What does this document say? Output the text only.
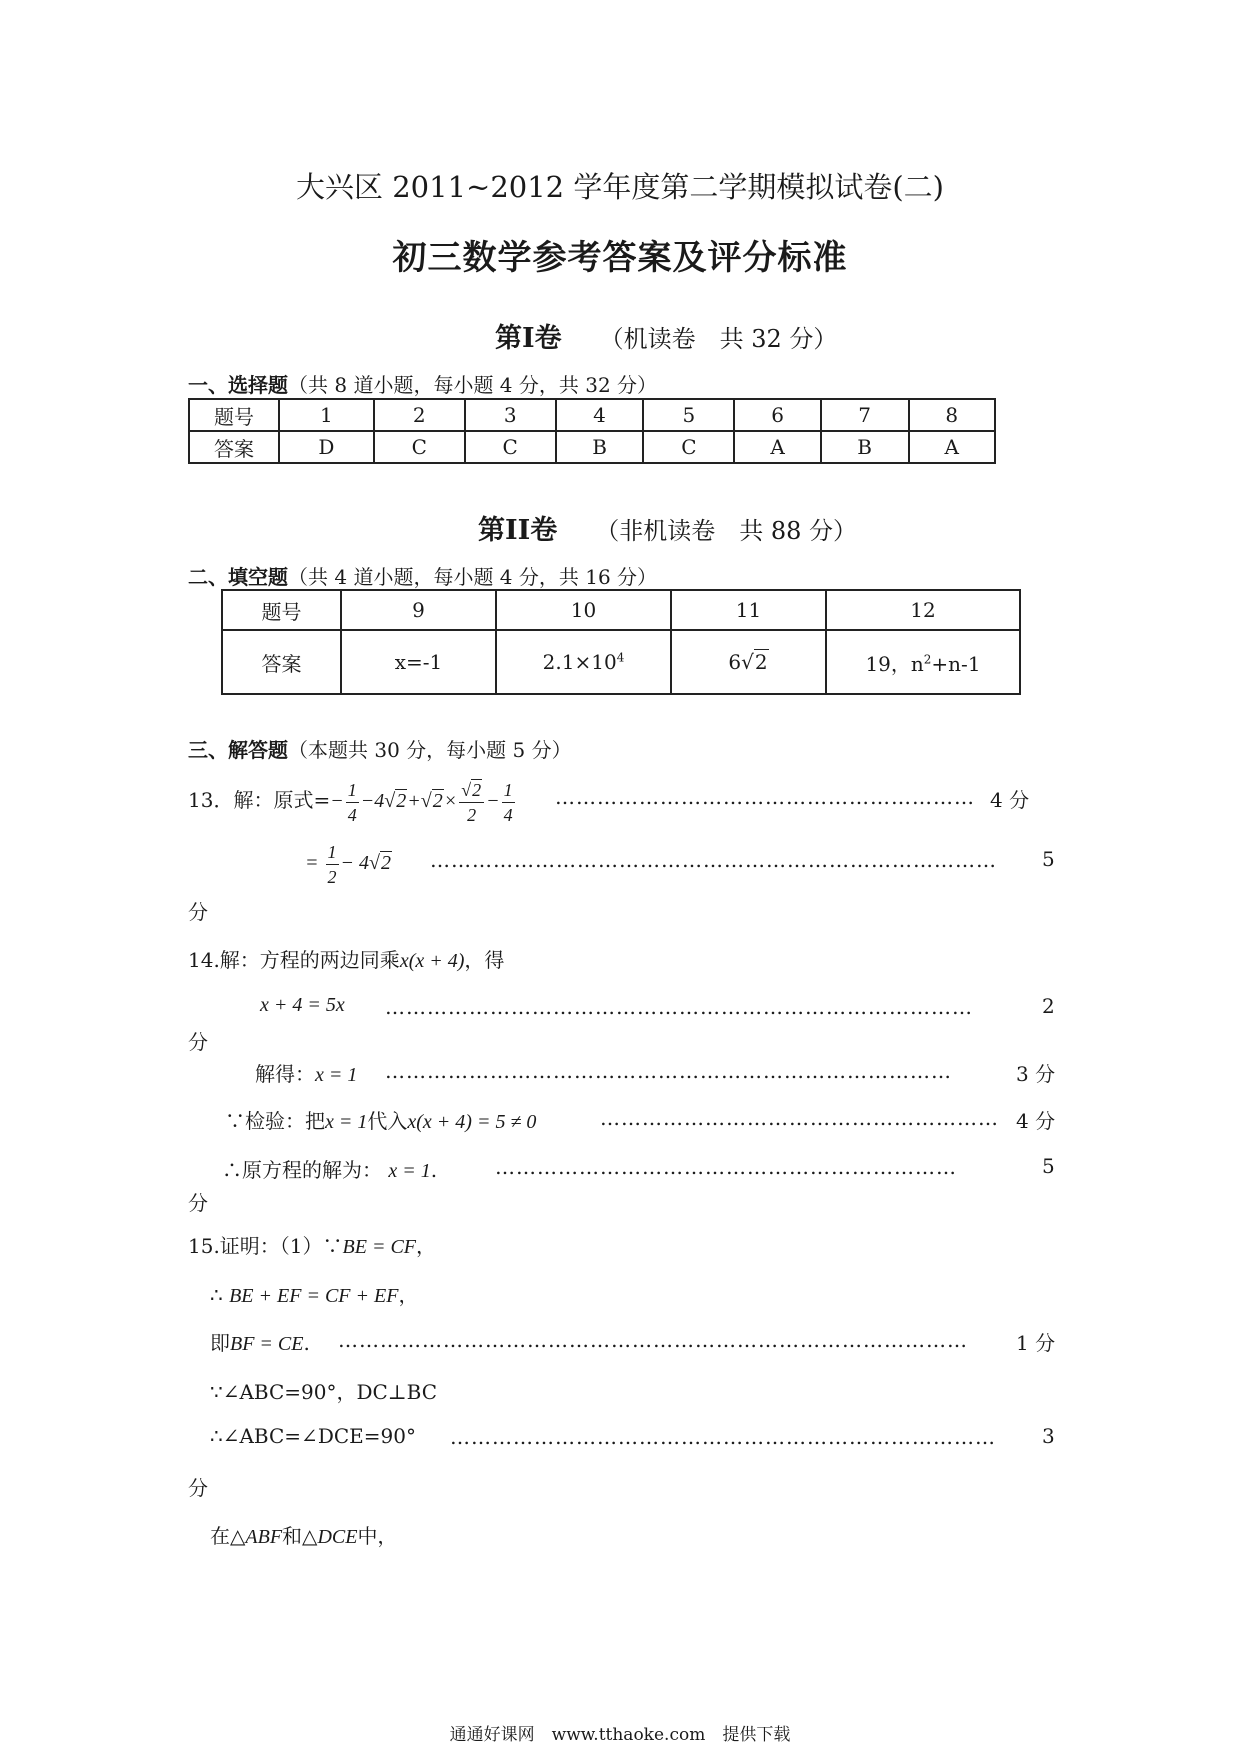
大兴区 2011~2012 学年度第二学期模拟试卷(二)
初三数学参考答案及评分标准
第I卷 （机读卷　共 32 分）
一、选择题（共 8 道小题，每小题 4 分，共 32 分）
题号	1	2	3	4	5	6	7	8
答案	D	C	C	B	C	A	B	A
第II卷 （非机读卷　共 88 分）
二、填空题（共 4 道小题，每小题 4 分，共 16 分）
题号	9	10	11	12
答案	x=-1	$2.1\times 10^4$	6√2	19，$n^2+n-1$
三、解答题（本题共 30 分，每小题 5 分）
13．解：原式=− $\frac{1}{4} -4√2+√2\times \frac{√2}{2} - \frac{1}{4}$ …………………………………………………… 4 分
= $\frac{1}{2} - 4√2$ ………………………………………………………………………	5
分
14.解：方程的两边同乘x(x + 4)，得
x + 4 = 5x …………………………………………………………………………	2
分
解得：x = 1 ………………………………………………………………………	3 分
∵检验：把x = 1代入x(x + 4) = 5 ≠ 0	………………………………………………… 4 分
∴原方程的解为： x = 1.	…………………………………………………………	5
分
15.证明：（1）∵BE = CF，
∴ BE + EF = CF + EF，
即BF = CE. ………………………………………………………………………………	1 分
∵∠ABC=90°，DC⊥BC
∴∠ABC=∠DCE=90° ……………………………………………………………………	3
分
在△ABF和△DCE中，
通通好课网　www.tthaoke.com　提供下载
